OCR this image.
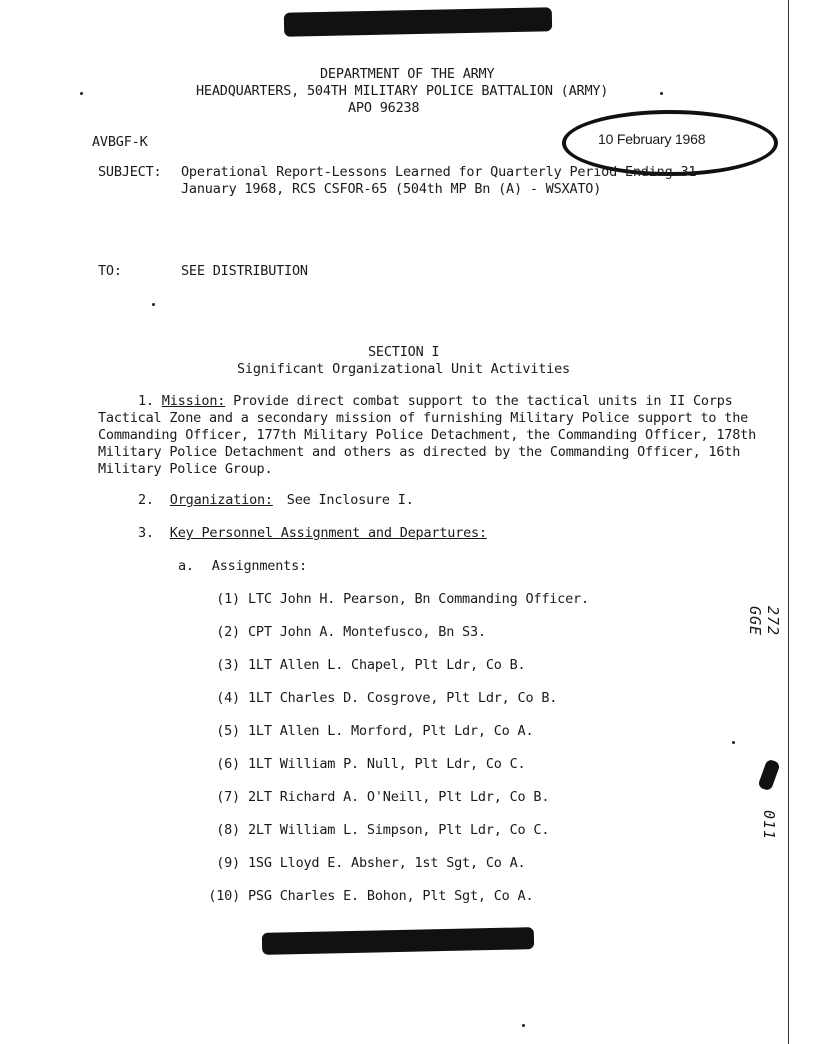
DEPARTMENT OF THE ARMY
HEADQUARTERS, 504TH MILITARY POLICE BATTALION (ARMY)
APO 96238
AVBGF-K	10 February 1968
SUBJECT: Operational Report-Lessons Learned for Quarterly Period Ending 31
January 1968, RCS CSFOR-65 (504th MP Bn (A) - WSXATO)
TO:	SEE DISTRIBUTION
SECTION I
Significant Organizational Unit Activities
1. Mission: Provide direct combat support to the tactical units in II Corps Tactical Zone and a secondary mission of furnishing Military Police support to the Commanding Officer, 177th Military Police Detachment, the Commanding Officer, 178th Military Police Detachment and others as directed by the Commanding Officer, 16th Military Police Group.
2. Organization: See Inclosure I.
3. Key Personnel Assignment and Departures:
a. Assignments:
(1) LTC John H. Pearson, Bn Commanding Officer.
(2) CPT John A. Montefusco, Bn S3.
(3) 1LT Allen L. Chapel, Plt Ldr, Co B.
(4) 1LT Charles D. Cosgrove, Plt Ldr, Co B.
(5) 1LT Allen L. Morford, Plt Ldr, Co A.
(6) 1LT William P. Null, Plt Ldr, Co C.
(7) 2LT Richard A. O'Neill, Plt Ldr, Co B.
(8) 2LT William L. Simpson, Plt Ldr, Co C.
(9) 1SG Lloyd E. Absher, 1st Sgt, Co A.
(10) PSG Charles E. Bohon, Plt Sgt, Co A.
272 GGE
011
